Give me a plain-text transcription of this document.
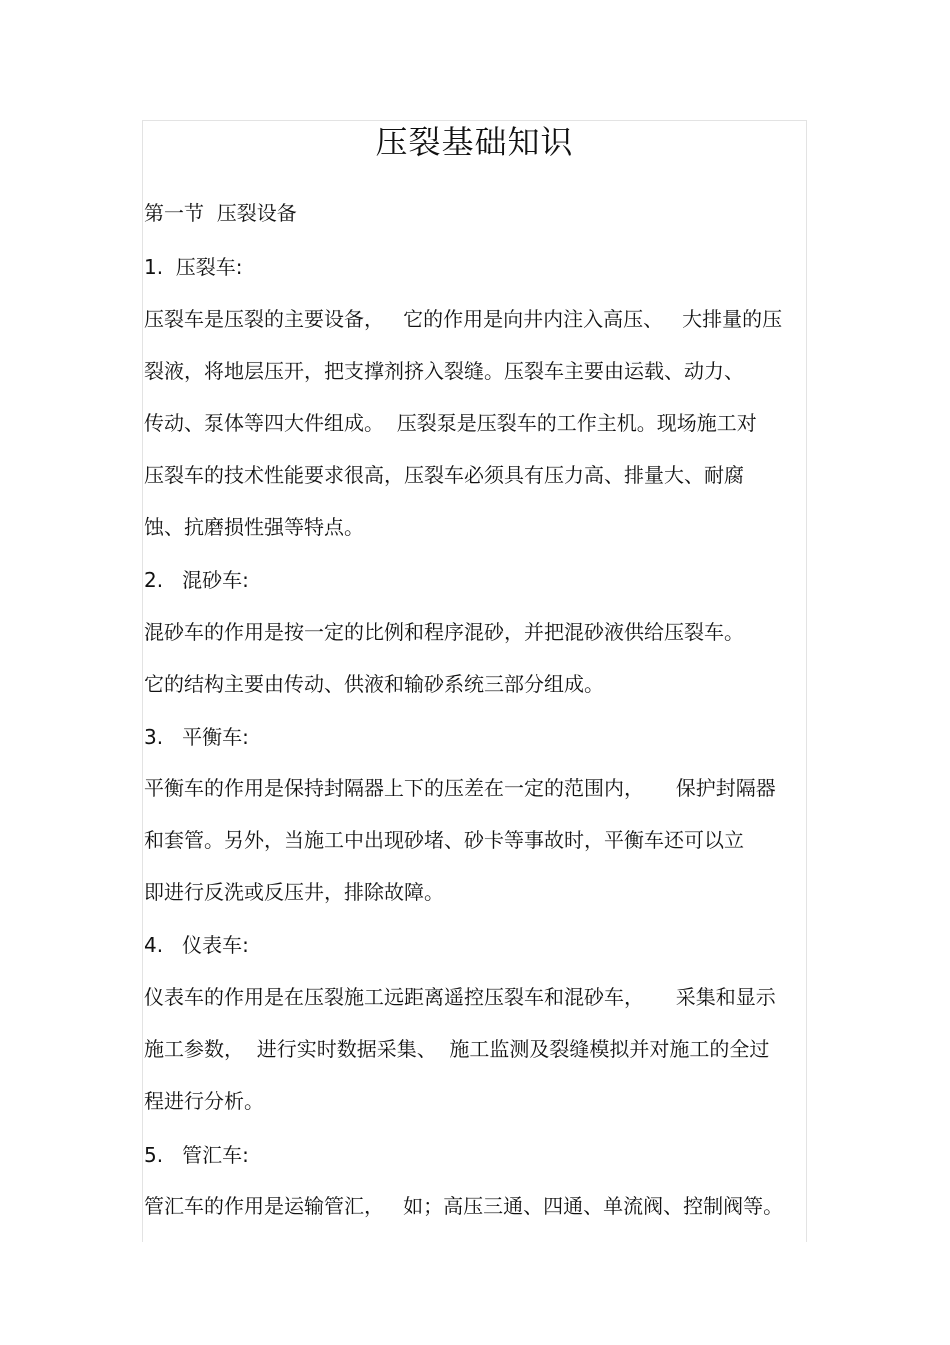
压裂基础知识

第一节  压裂设备

1.  压裂车:

压裂车是压裂的主要设备，   它的作用是向井内注入高压、   大排量的压

裂液，将地层压开，把支撑剂挤入裂缝。压裂车主要由运载、动力、

传动、泵体等四大件组成。  压裂泵是压裂车的工作主机。现场施工对

压裂车的技术性能要求很高，压裂车必须具有压力高、排量大、耐腐

蚀、抗磨损性强等特点。

2.   混砂车:

混砂车的作用是按一定的比例和程序混砂，并把混砂液供给压裂车。

它的结构主要由传动、供液和输砂系统三部分组成。

3.   平衡车:

平衡车的作用是保持封隔器上下的压差在一定的范围内，     保护封隔器

和套管。另外，当施工中出现砂堵、砂卡等事故时，平衡车还可以立

即进行反洗或反压井，排除故障。

4.   仪表车:

仪表车的作用是在压裂施工远距离遥控压裂车和混砂车，     采集和显示

施工参数，  进行实时数据采集、  施工监测及裂缝模拟并对施工的全过

程进行分析。

5.   管汇车:

管汇车的作用是运输管汇，   如；高压三通、四通、单流阀、控制阀等。
